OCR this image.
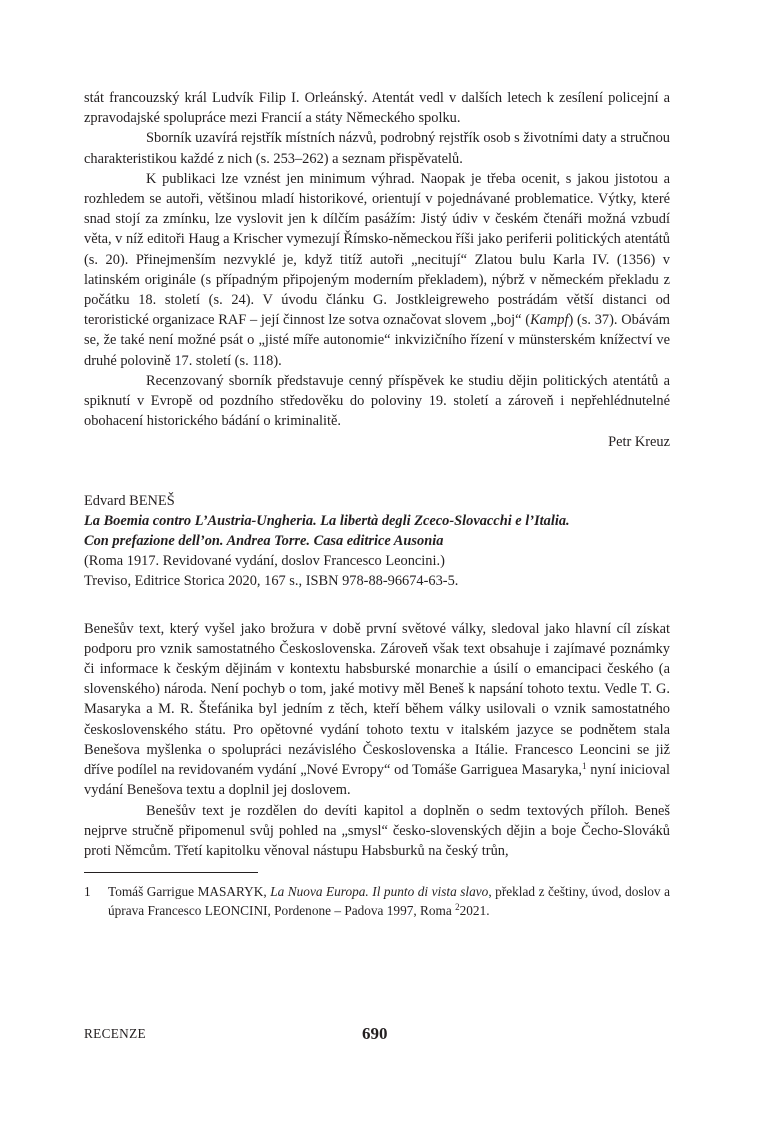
stát francouzský král Ludvík Filip I. Orleánský. Atentát vedl v dalších letech k zesílení policejní a zpravodajské spolupráce mezi Francií a státy Německého spolku.

Sborník uzavírá rejstřík místních názvů, podrobný rejstřík osob s životními daty a stručnou charakteristikou každé z nich (s. 253–262) a seznam přispěvatelů.

K publikaci lze vznést jen minimum výhrad. Naopak je třeba ocenit, s jakou jistotou a rozhledem se autoři, většinou mladí historikové, orientují v pojednávané problematice. Výtky, které snad stojí za zmínku, lze vyslovit jen k dílčím pasážím: Jistý údiv v českém čtenáři možná vzbudí věta, v níž editoři Haug a Krischer vymezují Římsko-německou říši jako periferii politických atentátů (s. 20). Přinejmenším nezvyklé je, když titíž autoři „necitují“ Zlatou bulu Karla IV. (1356) v latinském originále (s případným připojeným moderním překladem), nýbrž v německém překladu z počátku 18. století (s. 24). V úvodu článku G. Jostkleigreweho postrádám větší distanci od teroristické organizace RAF – její činnost lze sotva označovat slovem „boj“ (Kampf) (s. 37). Obávám se, že také není možné psát o „jisté míře autonomie“ inkvizičního řízení v münsterském knížectví ve druhé polovině 17. století (s. 118).

Recenzovaný sborník představuje cenný příspěvek ke studiu dějin politických atentátů a spiknutí v Evropě od pozdního středověku do poloviny 19. století a zároveň i nepřehlédnutelné obohacení historického bádání o kriminalitě.

Petr Kreuz

Edvard BENEŠ
La Boemia contro L’Austria-Ungheria. La libertà degli Zceco-Slovacchi e l’Italia.
Con prefazione dell’on. Andrea Torre. Casa editrice Ausonia
(Roma 1917. Revidované vydání, doslov Francesco Leoncini.)
Treviso, Editrice Storica 2020, 167 s., ISBN 978-88-96674-63-5.

Benešův text, který vyšel jako brožura v době první světové války, sledoval jako hlavní cíl získat podporu pro vznik samostatného Československa. Zároveň však text obsahuje i zajímavé poznámky či informace k českým dějinám v kontextu habsburské monarchie a úsilí o emancipaci českého (a slovenského) národa. Není pochyb o tom, jaké motivy měl Beneš k napsání tohoto textu. Vedle T. G. Masaryka a M. R. Štefánika byl jedním z těch, kteří během války usilovali o vznik samostatného československého státu. Pro opětovné vydání tohoto textu v italském jazyce se podnětem stala Benešova myšlenka o spolupráci nezávislého Československa a Itálie. Francesco Leoncini se již dříve podílel na revidovaném vydání „Nové Evropy“ od Tomáše Garriguea Masaryka,$^1$ nyní inicioval vydání Benešova textu a doplnil jej doslovem.

Benešův text je rozdělen do devíti kapitol a doplněn o sedm textových příloh. Beneš nejprve stručně připomenul svůj pohled na „smysl“ česko-slovenských dějin a boje Čecho-Slováků proti Němcům. Třetí kapitolku věnoval nástupu Habsburků na český trůn,

1	Tomáš Garrigue MASARYK, La Nuova Europa. Il punto di vista slavo, překlad z češtiny, úvod, doslov a úprava Francesco LEONCINI, Pordenone – Padova 1997, Roma $^2$2021.
RECENZE	690
